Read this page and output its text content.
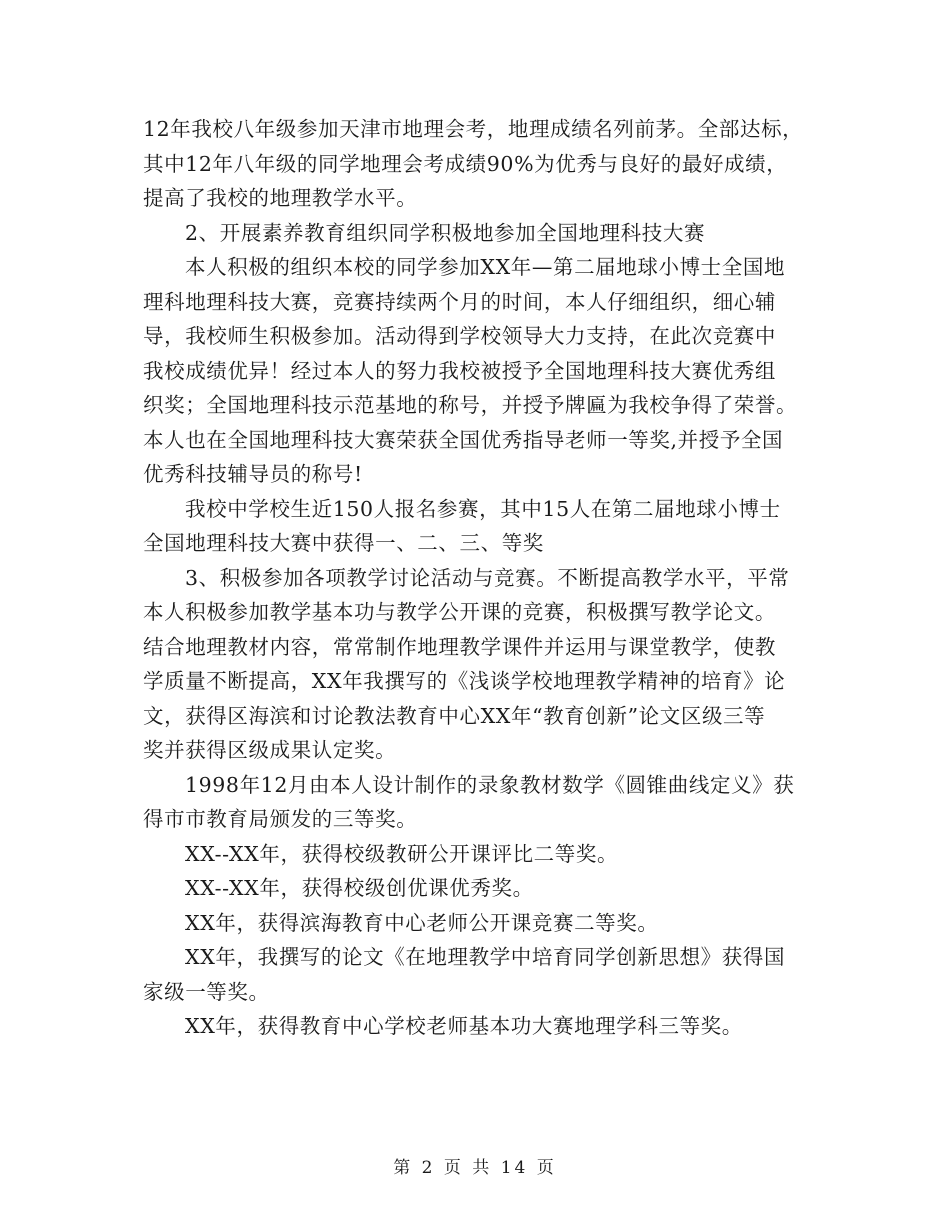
12年我校八年级参加天津市地理会考，地理成绩名列前茅。全部达标，
其中12年八年级的同学地理会考成绩90%为优秀与良好的最好成绩，
提高了我校的地理教学水平。

2、开展素养教育组织同学积极地参加全国地理科技大赛

本人积极的组织本校的同学参加XX年—第二届地球小博士全国地
理科地理科技大赛，竞赛持续两个月的时间，本人仔细组织，细心辅
导，我校师生积极参加。活动得到学校领导大力支持，在此次竞赛中
我校成绩优异！经过本人的努力我校被授予全国地理科技大赛优秀组
织奖；全国地理科技示范基地的称号，并授予牌匾为我校争得了荣誉。
本人也在全国地理科技大赛荣获全国优秀指导老师一等奖,并授予全国
优秀科技辅导员的称号!

我校中学校生近150人报名参赛，其中15人在第二届地球小博士
全国地理科技大赛中获得一、二、三、等奖

3、积极参加各项教学讨论活动与竞赛。不断提高教学水平，平常
本人积极参加教学基本功与教学公开课的竞赛，积极撰写教学论文。
结合地理教材内容，常常制作地理教学课件并运用与课堂教学，使教
学质量不断提高，XX年我撰写的《浅谈学校地理教学精神的培育》论
文，获得区海滨和讨论教法教育中心XX年“教育创新”论文区级三等
奖并获得区级成果认定奖。

1998年12月由本人设计制作的录象教材数学《圆锥曲线定义》获
得市市教育局颁发的三等奖。

XX--XX年，获得校级教研公开课评比二等奖。

XX--XX年，获得校级创优课优秀奖。

XX年，获得滨海教育中心老师公开课竞赛二等奖。

XX年，我撰写的论文《在地理教学中培育同学创新思想》获得国
家级一等奖。

XX年，获得教育中心学校老师基本功大赛地理学科三等奖。

第 2 页 共 14 页
